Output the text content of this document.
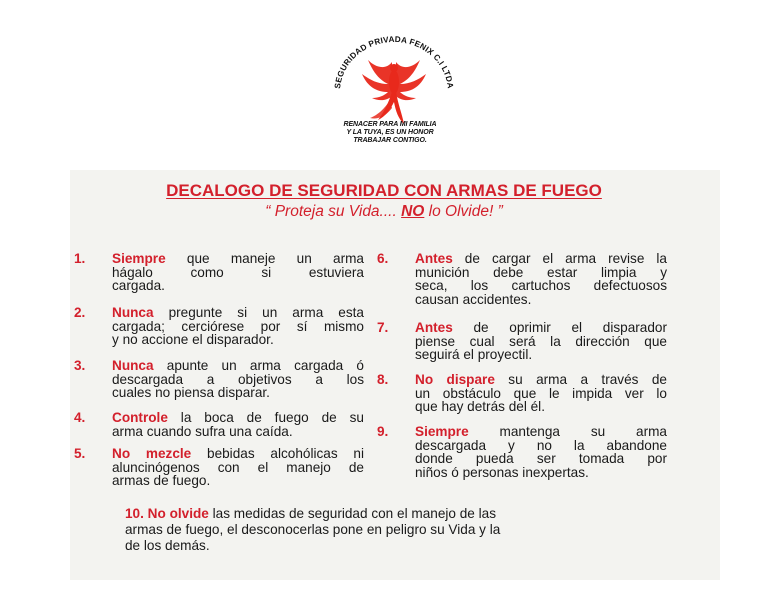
SEGURIDAD PRIVADA FENIX C.I LTDA
RENACER PARA MI FAMILIA
Y LA TUYA, ES UN HONOR
TRABAJAR CONTIGO.
DECALOGO DE SEGURIDAD CON ARMAS DE FUEGO
“ Proteja su Vida.... NO lo Olvide! ”
1.	Siempre que maneje un arma
hágalo como si estuviera
cargada.
2.	Nunca pregunte si un arma esta
cargada; cerciórese por sí mismo
y no accione el disparador.
3.	Nunca apunte un arma cargada ó
descargada a objetivos a los
cuales no piensa disparar.
4.	Controle la boca de fuego de su
arma cuando sufra una caída.
5.	No mezcle bebidas alcohólicas ni
aluncinógenos con el manejo de
armas de fuego.
6.	Antes de cargar el arma revise la
munición debe estar limpia y
seca, los cartuchos defectuosos
causan accidentes.
7.	Antes de oprimir el disparador
piense cual será la dirección que
seguirá el proyectil.
8.	No dispare su arma a través de
un obstáculo que le impida ver lo
que hay detrás del él.
9.	Siempre mantenga su arma
descargada y no la abandone
donde pueda ser tomada por
niños ó personas inexpertas.
10. No olvide las medidas de seguridad con el manejo de las
armas de fuego, el desconocerlas pone en peligro su Vida y la
de los demás.
